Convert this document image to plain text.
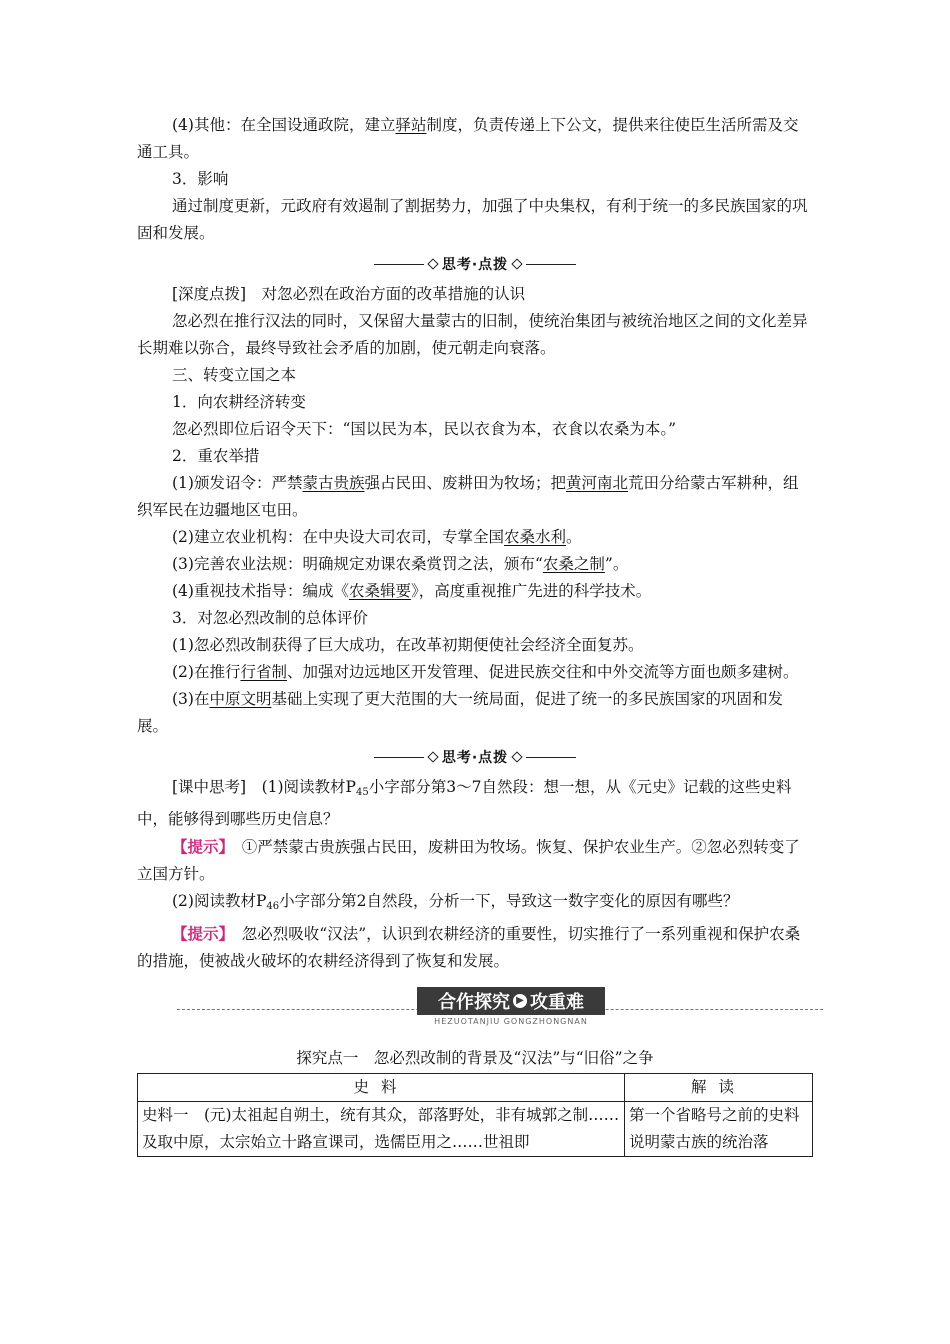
(4)其他：在全国设通政院，建立驿站制度，负责传递上下公文，提供来往使臣生活所需及交通工具。

3．影响

通过制度更新，元政府有效遏制了割据势力，加强了中央集权，有利于统一的多民族国家的巩固和发展。

思考·点拨

[深度点拨]　对忽必烈在政治方面的改革措施的认识

忽必烈在推行汉法的同时，又保留大量蒙古的旧制，使统治集团与被统治地区之间的文化差异长期难以弥合，最终导致社会矛盾的加剧，使元朝走向衰落。

三、转变立国之本

1．向农耕经济转变

忽必烈即位后诏令天下：“国以民为本，民以衣食为本，衣食以农桑为本。”

2．重农举措

(1)颁发诏令：严禁蒙古贵族强占民田、废耕田为牧场；把黄河南北荒田分给蒙古军耕种，组织军民在边疆地区屯田。

(2)建立农业机构：在中央设大司农司，专掌全国农桑水利。

(3)完善农业法规：明确规定劝课农桑赏罚之法，颁布“农桑之制”。

(4)重视技术指导：编成《农桑辑要》，高度重视推广先进的科学技术。

3．对忽必烈改制的总体评价

(1)忽必烈改制获得了巨大成功，在改革初期便使社会经济全面复苏。

(2)在推行行省制、加强对边远地区开发管理、促进民族交往和中外交流等方面也颇多建树。

(3)在中原文明基础上实现了更大范围的大一统局面，促进了统一的多民族国家的巩固和发展。

思考·点拨

[课中思考]　(1)阅读教材$P_{45}$小字部分第3～7自然段：想一想，从《元史》记载的这些史料中，能够得到哪些历史信息？

【提示】　 ①严禁蒙古贵族强占民田，废耕田为牧场。恢复、保护农业生产。②忽必烈转变了立国方针。

(2)阅读教材$P_{46}$小字部分第2自然段，分析一下，导致这一数字变化的原因有哪些？

【提示】　 忽必烈吸收“汉法”，认识到农耕经济的重要性，切实推行了一系列重视和保护农桑的措施，使被战火破坏的农耕经济得到了恢复和发展。

合作探究 ▶ 攻重难
HEZUOTANJIU GONGZHONGNAN
探究点一　忽必烈改制的背景及“汉法”与“旧俗”之争
史料	解读
史料一　(元)太祖起自朔土，统有其众，部落野处，非有城郭之制……及取中原，太宗始立十路宣课司，选儒臣用之……世祖即	第一个省略号之前的史料说明蒙古族的统治落
